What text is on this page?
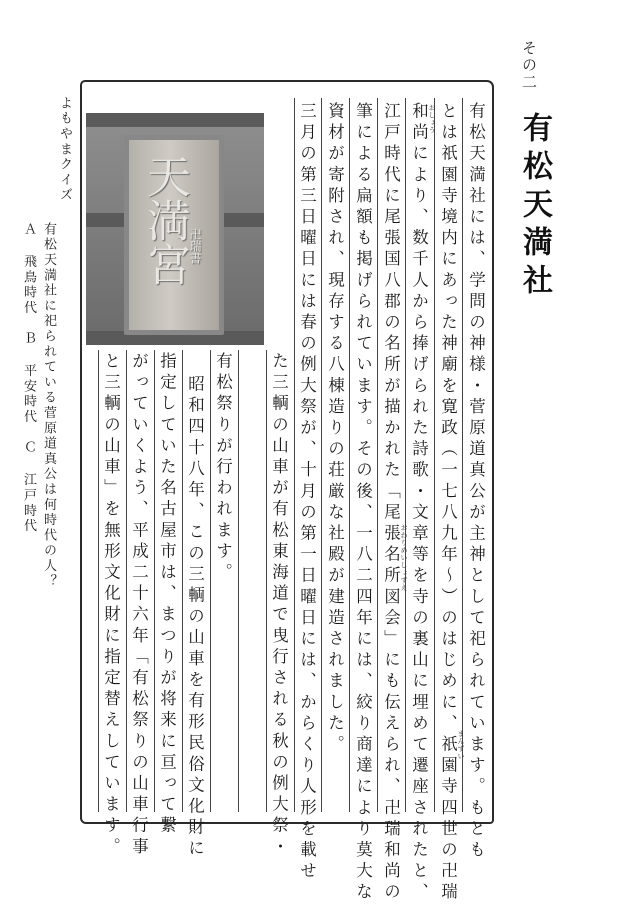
その二
有松天満社
天満宮
卍瑞書	有松天満社には、学問の神様・菅原道真公が主神として祀られています。もとも
とは祇園寺境内にあった神廟を寛政（一七八九年〜）のはじめに、祇園寺四世の卍瑞
和尚により、数千人から捧げられた詩歌・文章等を寺の裏山に埋めて遷座されたと、
江戸時代に尾張国八郡の名所が描かれた「尾張名所図会」にも伝えられ、卍瑞和尚の
筆による扁額も掲げられています。その後、一八二四年には、絞り商達により莫大な
資材が寄附され、現存する八棟造りの荘厳な社殿が建造されました。
三月の第三日曜日には春の例大祭が、十月の第一日曜日には、からくり人形を載せ
た三輌の山車が有松東海道で曳行される秋の例大祭・
有松祭りが行われます。
昭和四十八年、この三輌の山車を有形民俗文化財に
指定していた名古屋市は、まつりが将来に亘って繋
がっていくよう、平成二十六年「有松祭りの山車行事
と三輌の山車」を無形文化財に指定替えしています。	まんずい
おしょう
おわりめいしょずえ
よもやまクイズ
有松天満社に祀られている菅原道真公は何時代の人？
Ａ 飛鳥時代　Ｂ 平安時代　Ｃ 江戸時代
